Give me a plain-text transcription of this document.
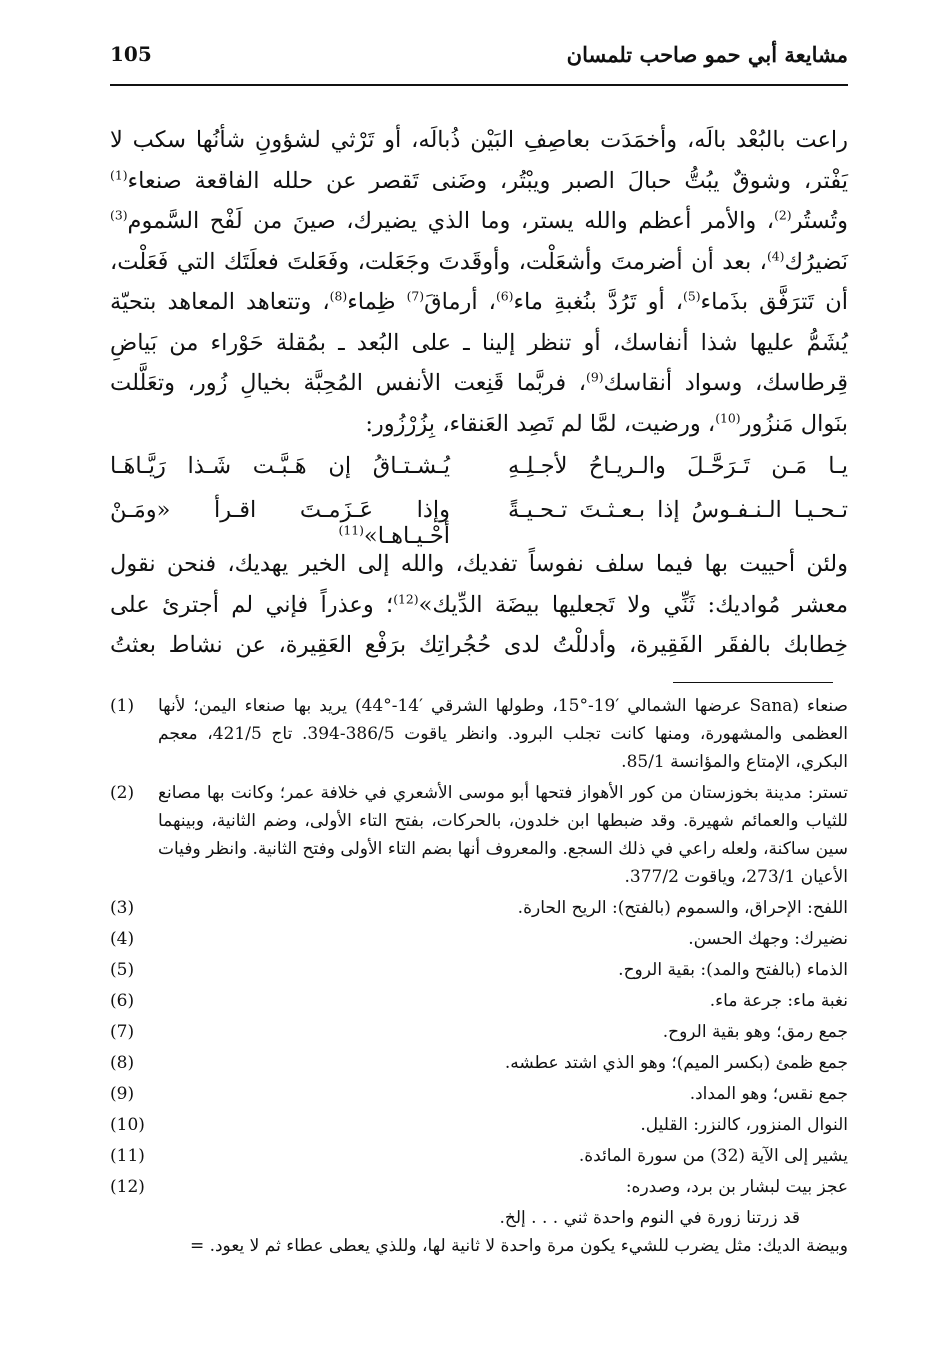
مشايعة أبي حمو صاحب تلمسان
105

راعت بالبُعْد بالَه، وأخمَدَت بعاصِفِ البَيْن ذُبالَه، أو تَرْثي لشؤونِ شأنُها سكب لا يَفْتر، وشوقٌ يبُتُّ حبالَ الصبر ويبْتُر، وضَنى تَقصر عن حلله الفاقعة صنعاء$^{(1)}$ وتُستُر$^{(2)}$، والأمر أعظم والله يستر، وما الذي يضيرك، صينَ من لَفْح السَّموم$^{(3)}$ نَضيرُك$^{(4)}$، بعد أن أضرمتَ وأشعَلْت، وأوقَدتَ وجَعَلت، وفَعَلتَ فعلَتَك التي فَعَلْت، أن تَترَفَّق بذَماء$^{(5)}$، أو تَرُدَّ بنُغبةِ ماء$^{(6)}$، أرماقَ$^{(7)}$ ظِماء$^{(8)}$، وتتعاهد المعاهد بتحيّة يُشَمُّ عليها شذا أنفاسك، أو تنظر إلينا ـ على البُعد ـ بمُقلة حَوْراء من بَياضِ قِرطاسك، وسواد أنقاسك$^{(9)}$، فربَّما قَنِعت الأنفس المُحِبَّة بخيالِ زُور، وتعَلَّلت بنَوال مَنزُور$^{(10)}$، ورضيت، لمَّا لم تَصِد العَنقاء، بِزُرْزُور:

يـا مَـن تَـرَحَّـلَ والـريـاحُ لأجـلِـهِ
يُـشـتـاقُ إن هَـبَّـت شَـذا رَيَّـاهَـا
تـحـيـا الـنـفـوسُ إذا بـعـثـتَ تـحـيـةً
وإذا عَـزَمـتَ اقـرأ «ومَـنْ أحْـيـاهـا»$^{(11)}$

ولئن أحييت بها فيما سلف نفوساً تفديك، والله إلى الخير يهديك، فنحن نقول معشر مُواديك: ثَنِّي ولا تَجعليها بيضَة الدِّيك»$^{(12)}$؛ وعذراً فإني لم أجترئ على خِطابك بالفقَر الفَقِيرة، وأدللْتُ لدى حُجُراتِك برَفْع العَقِيرة، عن نشاط بعثتُ

صنعاء (Sana عرضها الشمالي ′19-°15، وطولها الشرقي ′14-°44) يريد بها صنعاء اليمن؛ لأنها العظمى والمشهورة، ومنها كانت تجلب البرود. وانظر ياقوت 386/5-394. تاج 421/5، معجم البكري، الإمتاع والمؤانسة 85/1.
(1)
تستر: مدينة بخوزستان من كور الأهواز فتحها أبو موسى الأشعري في خلافة عمر؛ وكانت بها مصانع للثياب والعمائم شهيرة. وقد ضبطها ابن خلدون، بالحركات، بفتح التاء الأولى، وضم الثانية، وبينهما سين ساكنة، ولعله راعي في ذلك السجع. والمعروف أنها بضم التاء الأولى وفتح الثانية. وانظر وفيات الأعيان 273/1، وياقوت 377/2.
(2)
اللفح: الإحراق، والسموم (بالفتح): الريح الحارة.
(3)
نضيرك: وجهك الحسن.
(4)
الذماء (بالفتح والمد): بقية الروح.
(5)
نغبة ماء: جرعة ماء.
(6)
جمع رمق؛ وهو بقية الروح.
(7)
جمع ظمئ (بكسر الميم)؛ وهو الذي اشتد عطشه.
(8)
جمع نقس؛ وهو المداد.
(9)
النوال المنزور، كالنزر: القليل.
(10)
يشير إلى الآية (32) من سورة المائدة.
(11)
عجز بيت لبشار بن برد، وصدره:
(12)
قد زرتنا زورة في النوم واحدة ثني . . . إلخ.
وبيضة الديك: مثل يضرب للشيء يكون مرة واحدة لا ثانية لها، وللذي يعطى عطاء ثم لا يعود. =
